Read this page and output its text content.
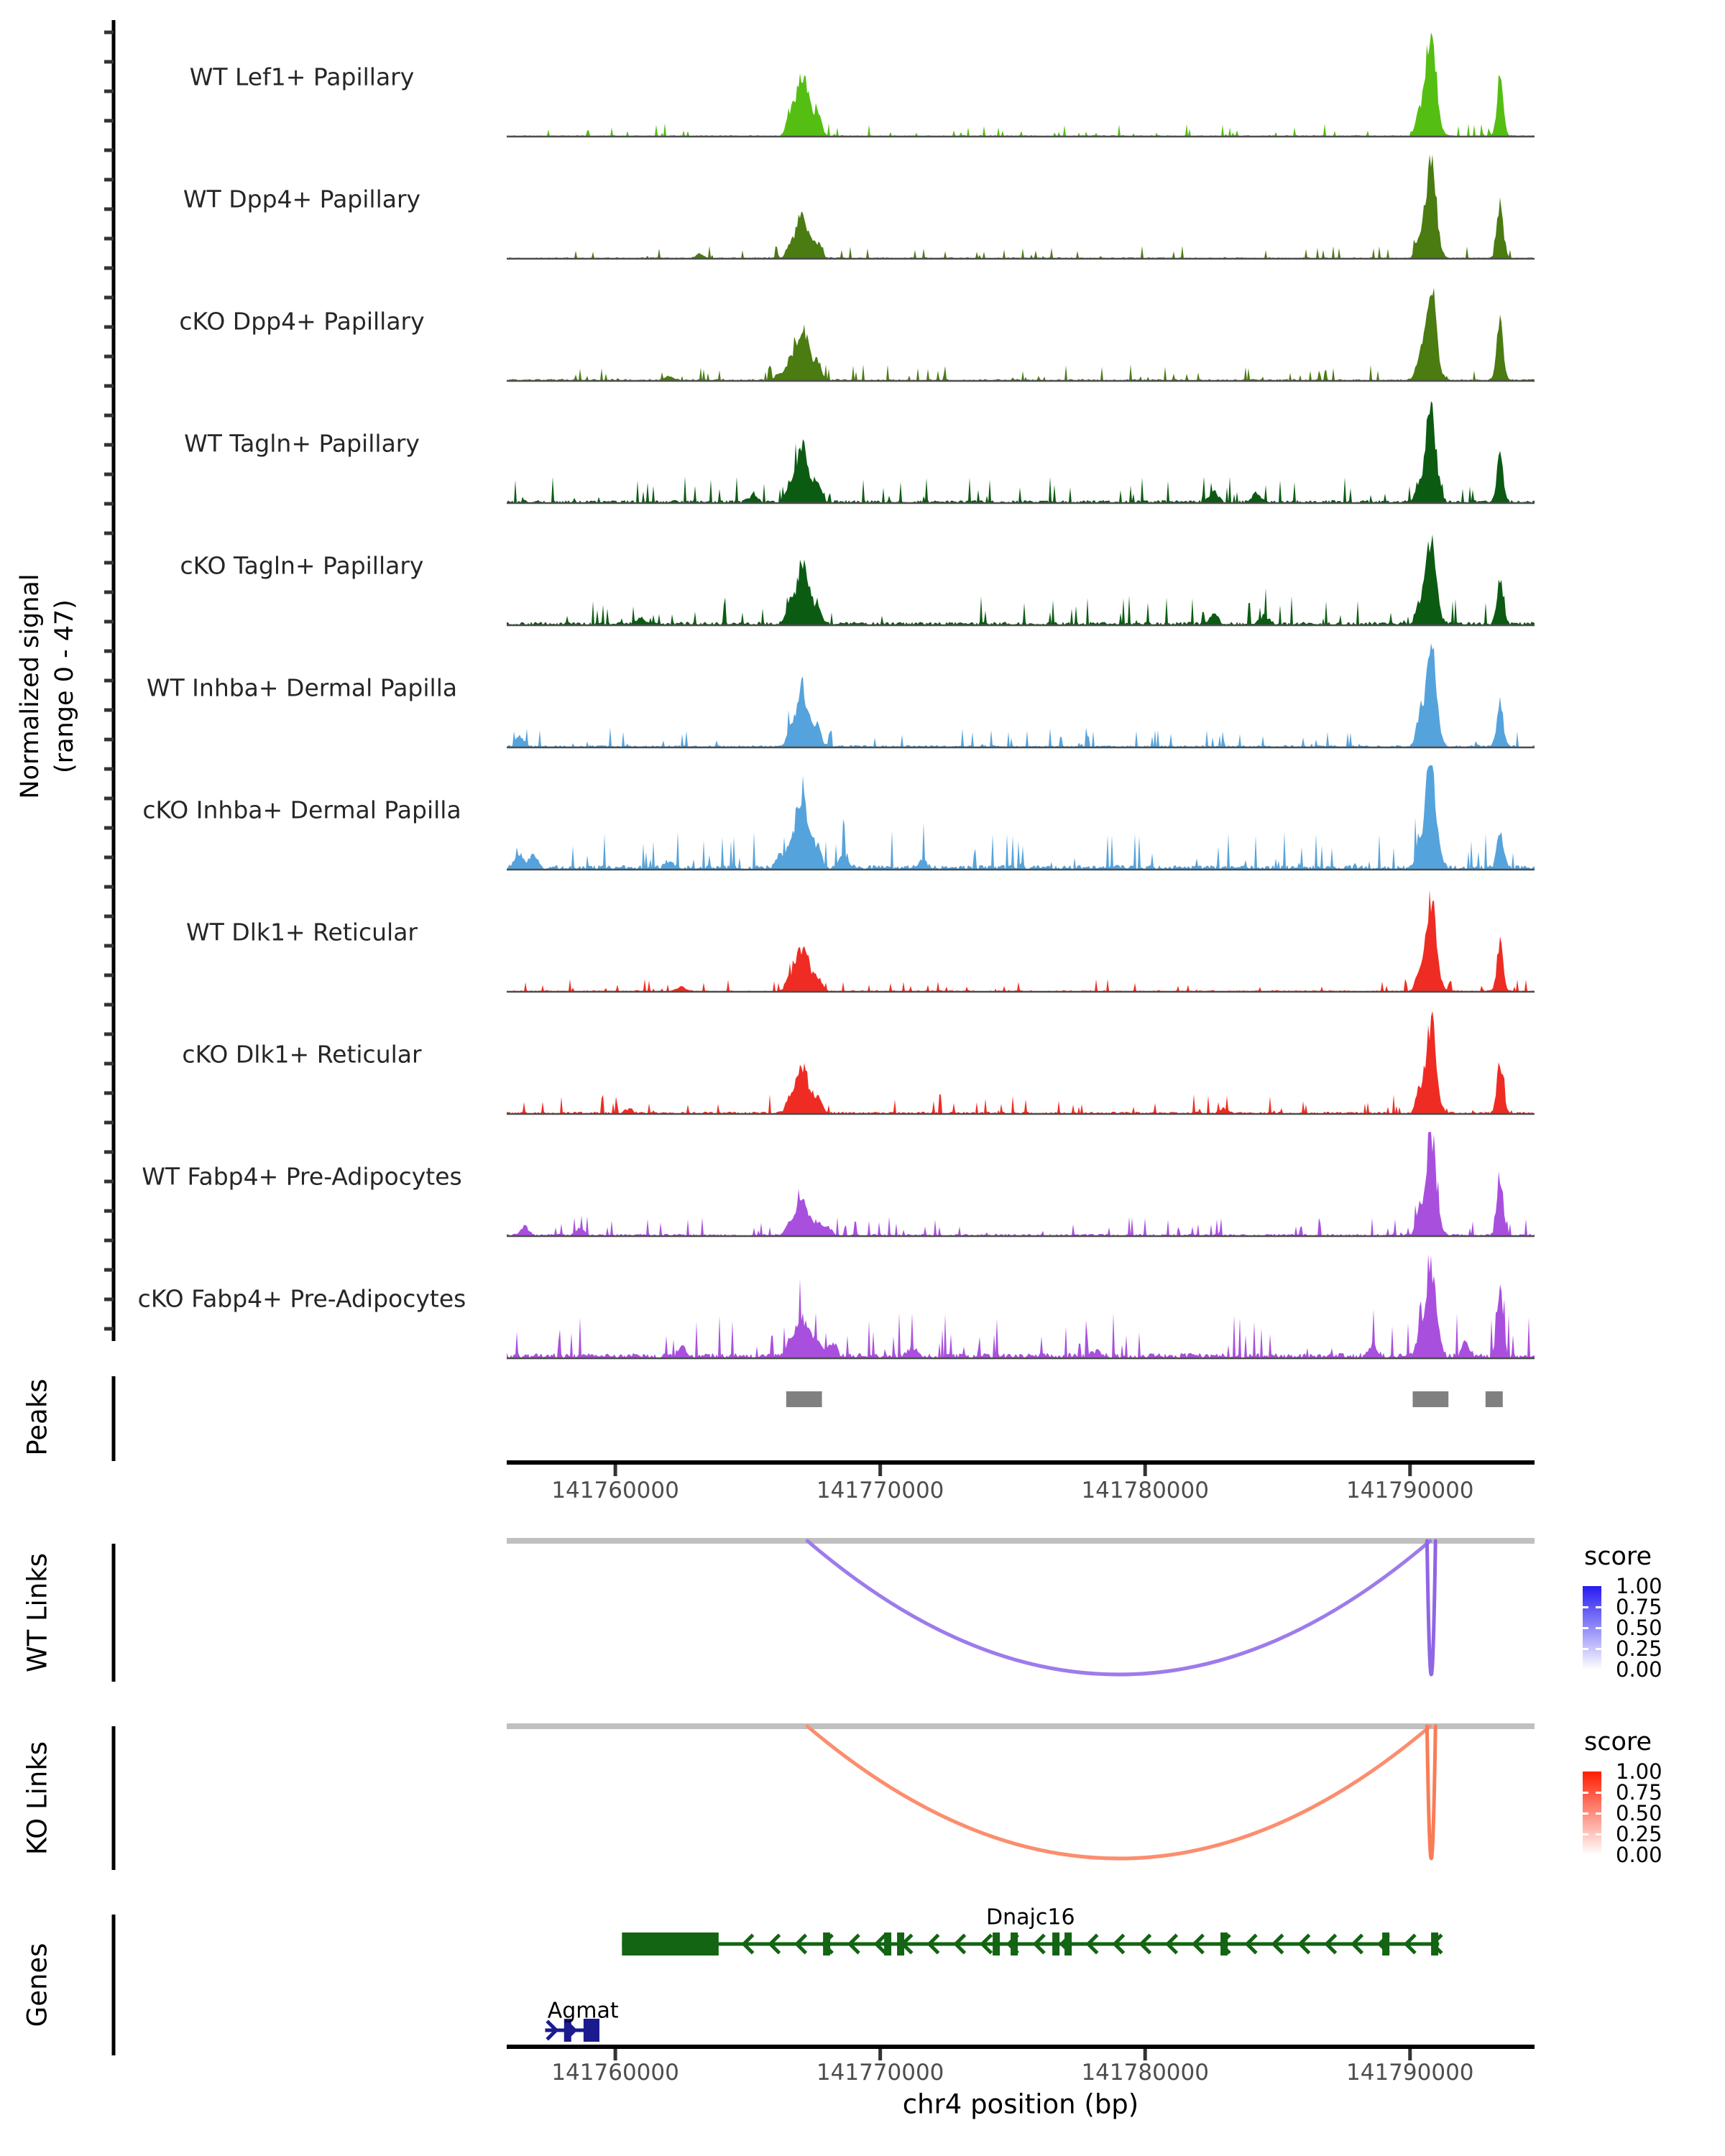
Normalized signal (range 0 - 47)
Peaks
WT Links
KO Links
Genes
score
score
chr4 position (bp)
WT Lef1+ Papillary
WT Dpp4+ Papillary
cKO Dpp4+ Papillary
WT Tagln+ Papillary
cKO Tagln+ Papillary
WT Inhba+ Dermal Papilla
cKO Inhba+ Dermal Papilla
WT Dlk1+ Reticular
cKO Dlk1+ Reticular
WT Fabp4+ Pre-Adipocytes
cKO Fabp4+ Pre-Adipocytes
141760000	141770000	141780000	141790000
141760000	141770000	141780000	141790000
1.00
0.75
0.50
0.25
0.00
1.00
0.75
0.50
0.25
0.00
Dnajc16
Agmat
